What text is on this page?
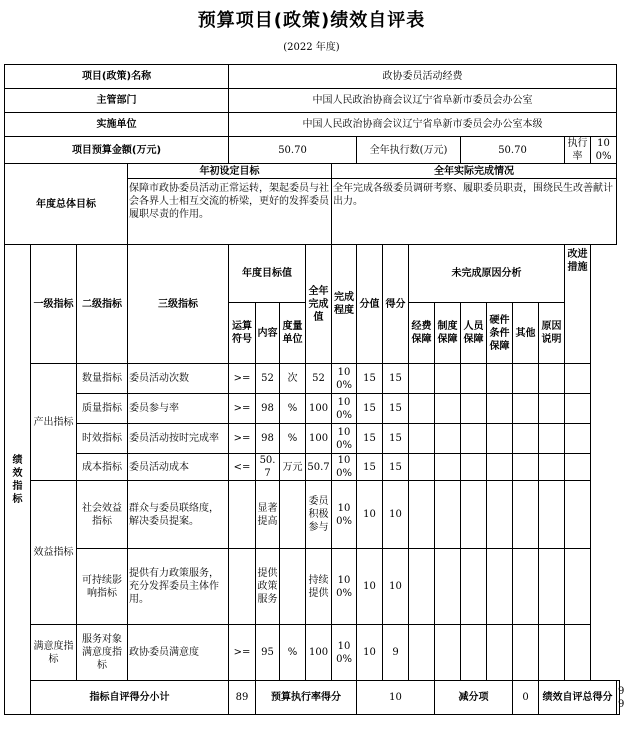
预算项目(政策)绩效自评表
(2022 年度)
项目(政策)名称				政协委员活动经费															
主管部门				中国人民政治协商会议辽宁省阜新市委员会办公室															
实施单位				中国人民政治协商会议辽宁省阜新市委员会办公室本级															
项目预算金额(万元)				50.70					全年执行数(万元)				50.70				执行率	100%	
年度总体目标			年初设定目标					全年实际完成情况											
			保障市政协委员活动正常运转，架起委员与社会各界人士相互交流的桥梁，更好的发挥委员履职尽责的作用。					全年完成各级委员调研考察、履职委员职责，围绕民生改善献计出力。											
绩效指标	一级指标	二级指标	三级指标	年度目标值			全年完成值	完成程度	分值	得分	未完成原因分析						改进措施		
				运算符号	内容	度量单位					经费保障	制度保障	人员保障	硬件条件保障	其他	原因说明			
	产出指标	数量指标	委员活动次数	>=	52	次	52	100%	15	15									
		质量指标	委员参与率	>=	98	%	100	100%	15	15									
		时效指标	委员活动按时完成率	>=	98	%	100	100%	15	15									
		成本指标	委员活动成本	<=	50.7	万元	50.7	100%	15	15									
	效益指标	社会效益指标	群众与委员联络度，解决委员提案。		显著提高		委员积极参与	100%	10	10									
		可持续影响指标	提供有力政策服务，充分发挥委员主体作用。		提供政策服务		持续提供	100%	10	10									
	满意度指标	服务对象满意度指标	政协委员满意度	>=	95	%	100	100%	10	9									
	指标自评得分小计			89	预算执行率得分				10			减分项			0	绩效自评总得分			99
